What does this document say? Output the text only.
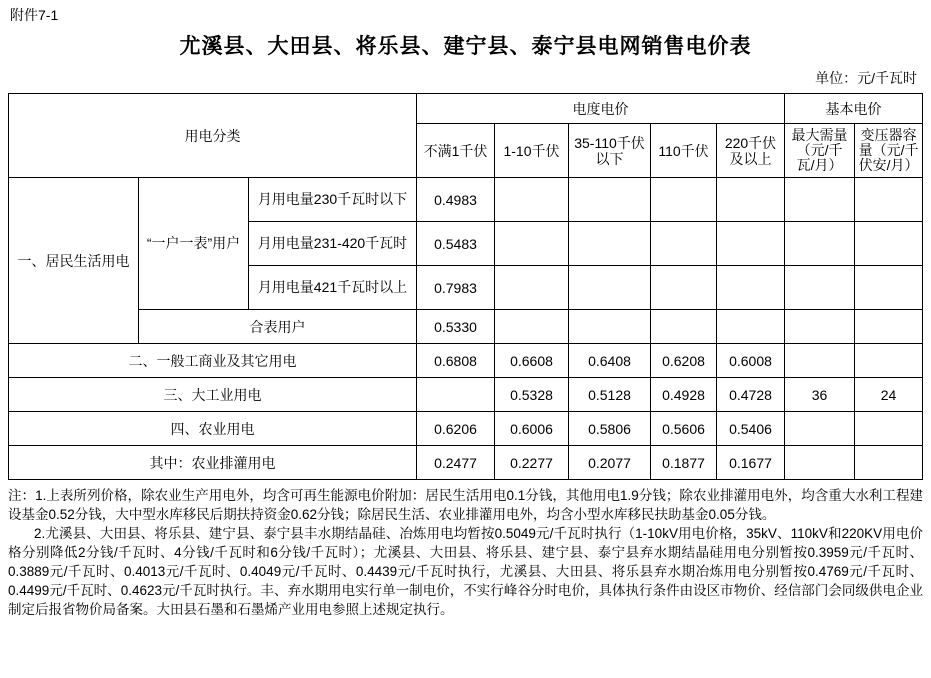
附件7-1
尤溪县、大田县、将乐县、建宁县、泰宁县电网销售电价表
单位：元/千瓦时
用电分类			电度电价					基本电价	
			不满1千伏	1-10千伏	35-110千伏以下	110千伏	220千伏及以上	最大需量（元/千瓦/月）	变压器容量（元/千伏安/月）
一、居民生活用电	“一户一表”用户	月用电量230千瓦时以下	0.4983						
		月用电量231-420千瓦时	0.5483						
		月用电量421千瓦时以上	0.7983						
	合表用户		0.5330						
二、一般工商业及其它用电			0.6808	0.6608	0.6408	0.6208	0.6008		
三、大工业用电				0.5328	0.5128	0.4928	0.4728	36	24
四、农业用电			0.6206	0.6006	0.5806	0.5606	0.5406		
其中：农业排灌用电			0.2477	0.2277	0.2077	0.1877	0.1677		

注：1.上表所列价格，除农业生产用电外，均含可再生能源电价附加：居民生活用电0.1分钱，其他用电1.9分钱；除农业排灌用电外，均含重大水利工程建设基金0.52分钱，大中型水库移民后期扶持资金0.62分钱；除居民生活、农业排灌用电外，均含小型水库移民扶助基金0.05分钱。

2.尤溪县、大田县、将乐县、建宁县、泰宁县丰水期结晶硅、冶炼用电均暂按0.5049元/千瓦时执行（1-10kV用电价格，35kV、110kV和220KV用电价格分别降低2分钱/千瓦时、4分钱/千瓦时和6分钱/千瓦时）；尤溪县、大田县、将乐县、建宁县、泰宁县弃水期结晶硅用电分别暂按0.3959元/千瓦时、0.3889元/千瓦时、0.4013元/千瓦时、0.4049元/千瓦时、0.4439元/千瓦时执行，尤溪县、大田县、将乐县弃水期冶炼用电分别暂按0.4769元/千瓦时、0.4499元/千瓦时、0.4623元/千瓦时执行。丰、弃水期用电实行单一制电价，不实行峰谷分时电价，具体执行条件由设区市物价、经信部门会同级供电企业制定后报省物价局备案。大田县石墨和石墨烯产业用电参照上述规定执行。
